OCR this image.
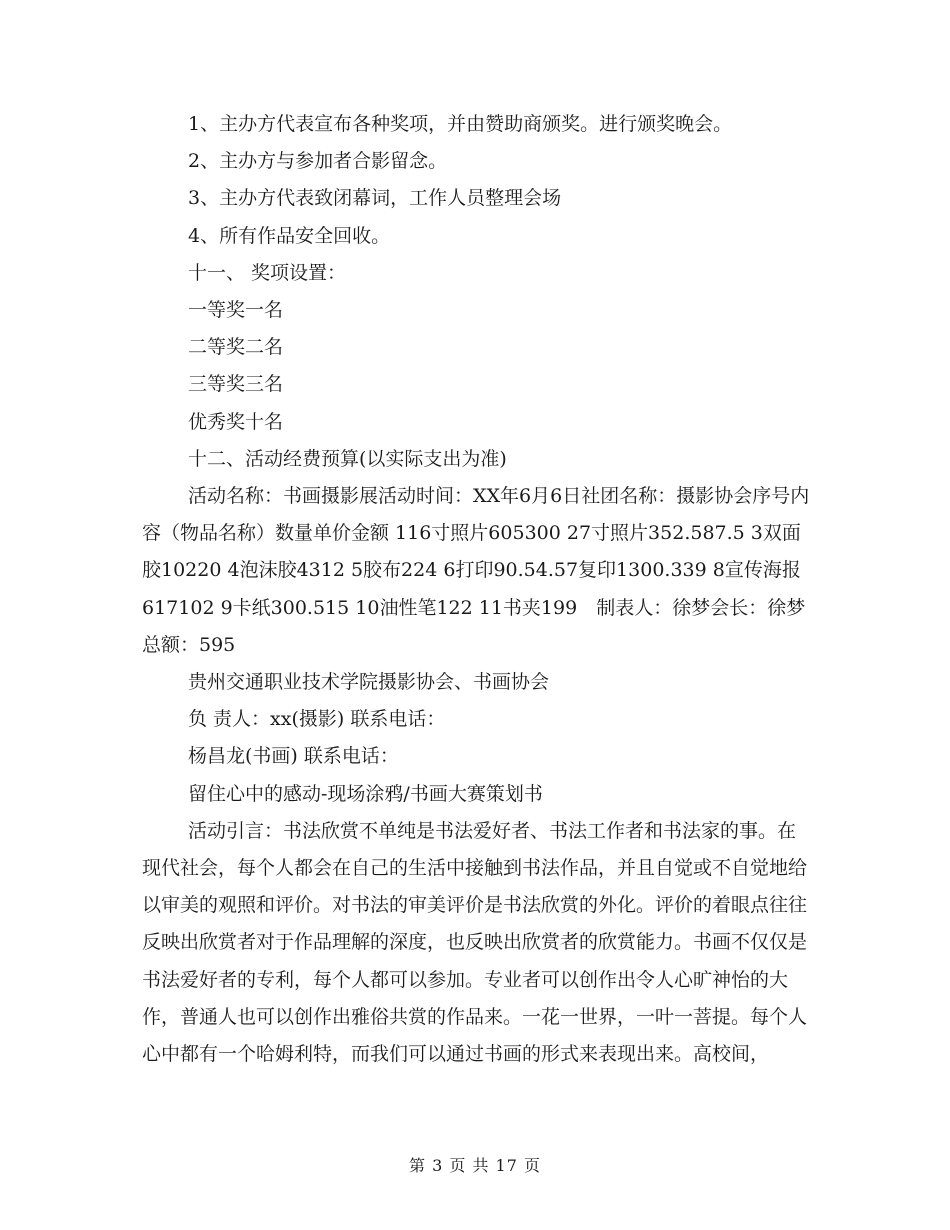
1、主办方代表宣布各种奖项，并由赞助商颁奖。进行颁奖晚会。

2、主办方与参加者合影留念。

3、主办方代表致闭幕词，工作人员整理会场

4、所有作品安全回收。

十一、 奖项设置：

一等奖一名

二等奖二名

三等奖三名

优秀奖十名

十二、活动经费预算(以实际支出为准)

活动名称：书画摄影展活动时间：XX年6月6日社团名称：摄影协会序号内容（物品名称）数量单价金额 116寸照片605300 27寸照片352.587.5 3双面胶10220 4泡沫胶4312 5胶布224 6打印90.54.57复印1300.339 8宣传海报617102 9卡纸300.515 10油性笔122 11书夹199　制表人：徐梦会长：徐梦总额：595

贵州交通职业技术学院摄影协会、书画协会

负 责人：xx(摄影) 联系电话：

杨昌龙(书画) 联系电话：

留住心中的感动-现场涂鸦/书画大赛策划书

活动引言：书法欣赏不单纯是书法爱好者、书法工作者和书法家的事。在现代社会，每个人都会在自己的生活中接触到书法作品，并且自觉或不自觉地给以审美的观照和评价。对书法的审美评价是书法欣赏的外化。评价的着眼点往往反映出欣赏者对于作品理解的深度，也反映出欣赏者的欣赏能力。书画不仅仅是书法爱好者的专利，每个人都可以参加。专业者可以创作出令人心旷神怡的大作，普通人也可以创作出雅俗共赏的作品来。一花一世界，一叶一菩提。每个人心中都有一个哈姆利特，而我们可以通过书画的形式来表现出来。高校间，

第 3 页 共 17 页
